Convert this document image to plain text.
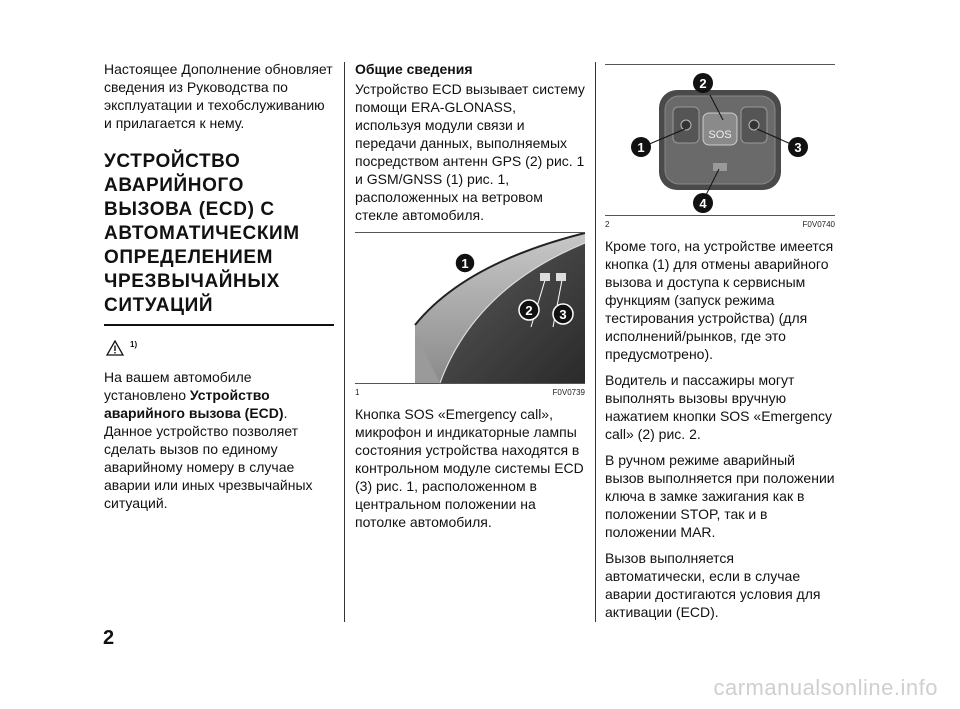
Настоящее Дополнение обновляет сведения из Руководства по эксплуатации и техобслуживанию и прилагается к нему.

УСТРОЙСТВО
АВАРИЙНОГО
ВЫЗОВА (ECD) С
АВТОМАТИЧЕСКИМ
ОПРЕДЕЛЕНИЕМ
ЧРЕЗВЫЧАЙНЫХ
СИТУАЦИЙ
1)

На вашем автомобиле установлено Устройство аварийного вызова (ECD). Данное устройство позволяет сделать вызов по единому аварийному номеру в случае аварии или иных чрезвычайных ситуаций.

Общие сведения

Устройство ECD вызывает систему помощи ERA-GLONASS, используя модули связи и передачи данных, выполняемых посредством антенн GPS (2) рис. 1 и GSM/GNSS (1) рис. 1, расположенных на ветровом стекле автомобиля.

1
2 3
1	F0V0739

Кнопка SOS «Emergency call», микрофон и индикаторные лампы состояния устройства находятся в контрольном модуле системы ECD (3) рис. 1, расположенном в центральном положении на потолке автомобиля.

SOS
2
1	3
4
2	F0V0740

Кроме того, на устройстве имеется кнопка (1) для отмены аварийного вызова и доступа к сервисным функциям (запуск режима тестирования устройства) (для исполнений/рынков, где это предусмотрено).

Водитель и пассажиры могут выполнять вызовы вручную нажатием кнопки SOS «Emergency call» (2) рис. 2.

В ручном режиме аварийный вызов выполняется при положении ключа в замке зажигания как в положении STOP, так и в положении MAR.

Вызов выполняется автоматически, если в случае аварии достигаются условия для активации (ECD).

2
carmanualsonline.info
